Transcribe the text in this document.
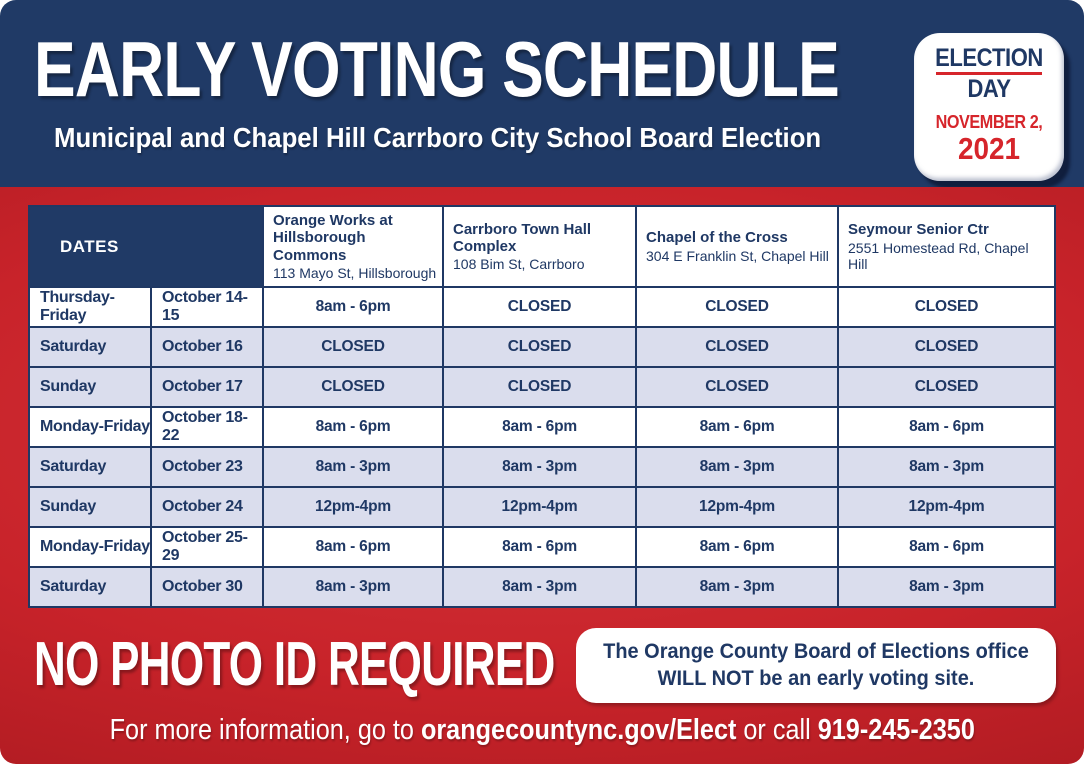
EARLY VOTING SCHEDULE
Municipal and Chapel Hill Carrboro City School Board Election
ELECTION
DAY
NOVEMBER 2,
2021
DATES	
Orange Works at Hillsborough Commons
113 Mayo St, Hillsborough

Carrboro Town Hall Complex
108 Bim St, Carrboro

Chapel of the Cross
304 E Franklin St, Chapel Hill

Seymour Senior Ctr
2551 Homestead Rd, Chapel Hill

Thursday-Friday	October 14-15	8am - 6pm	CLOSED	CLOSED	CLOSED
Saturday	October 16	CLOSED	CLOSED	CLOSED	CLOSED
Sunday	October 17	CLOSED	CLOSED	CLOSED	CLOSED
Monday-Friday	October 18-22	8am - 6pm	8am - 6pm	8am - 6pm	8am - 6pm
Saturday	October 23	8am - 3pm	8am - 3pm	8am - 3pm	8am - 3pm
Sunday	October 24	12pm-4pm	12pm-4pm	12pm-4pm	12pm-4pm
Monday-Friday	October 25-29	8am - 6pm	8am - 6pm	8am - 6pm	8am - 6pm
Saturday	October 30	8am - 3pm	8am - 3pm	8am - 3pm	8am - 3pm
NO PHOTO ID REQUIRED	The Orange County Board of Elections office
WILL NOT be an early voting site.
For more information, go to orangecountync.gov/Elect or call 919-245-2350
